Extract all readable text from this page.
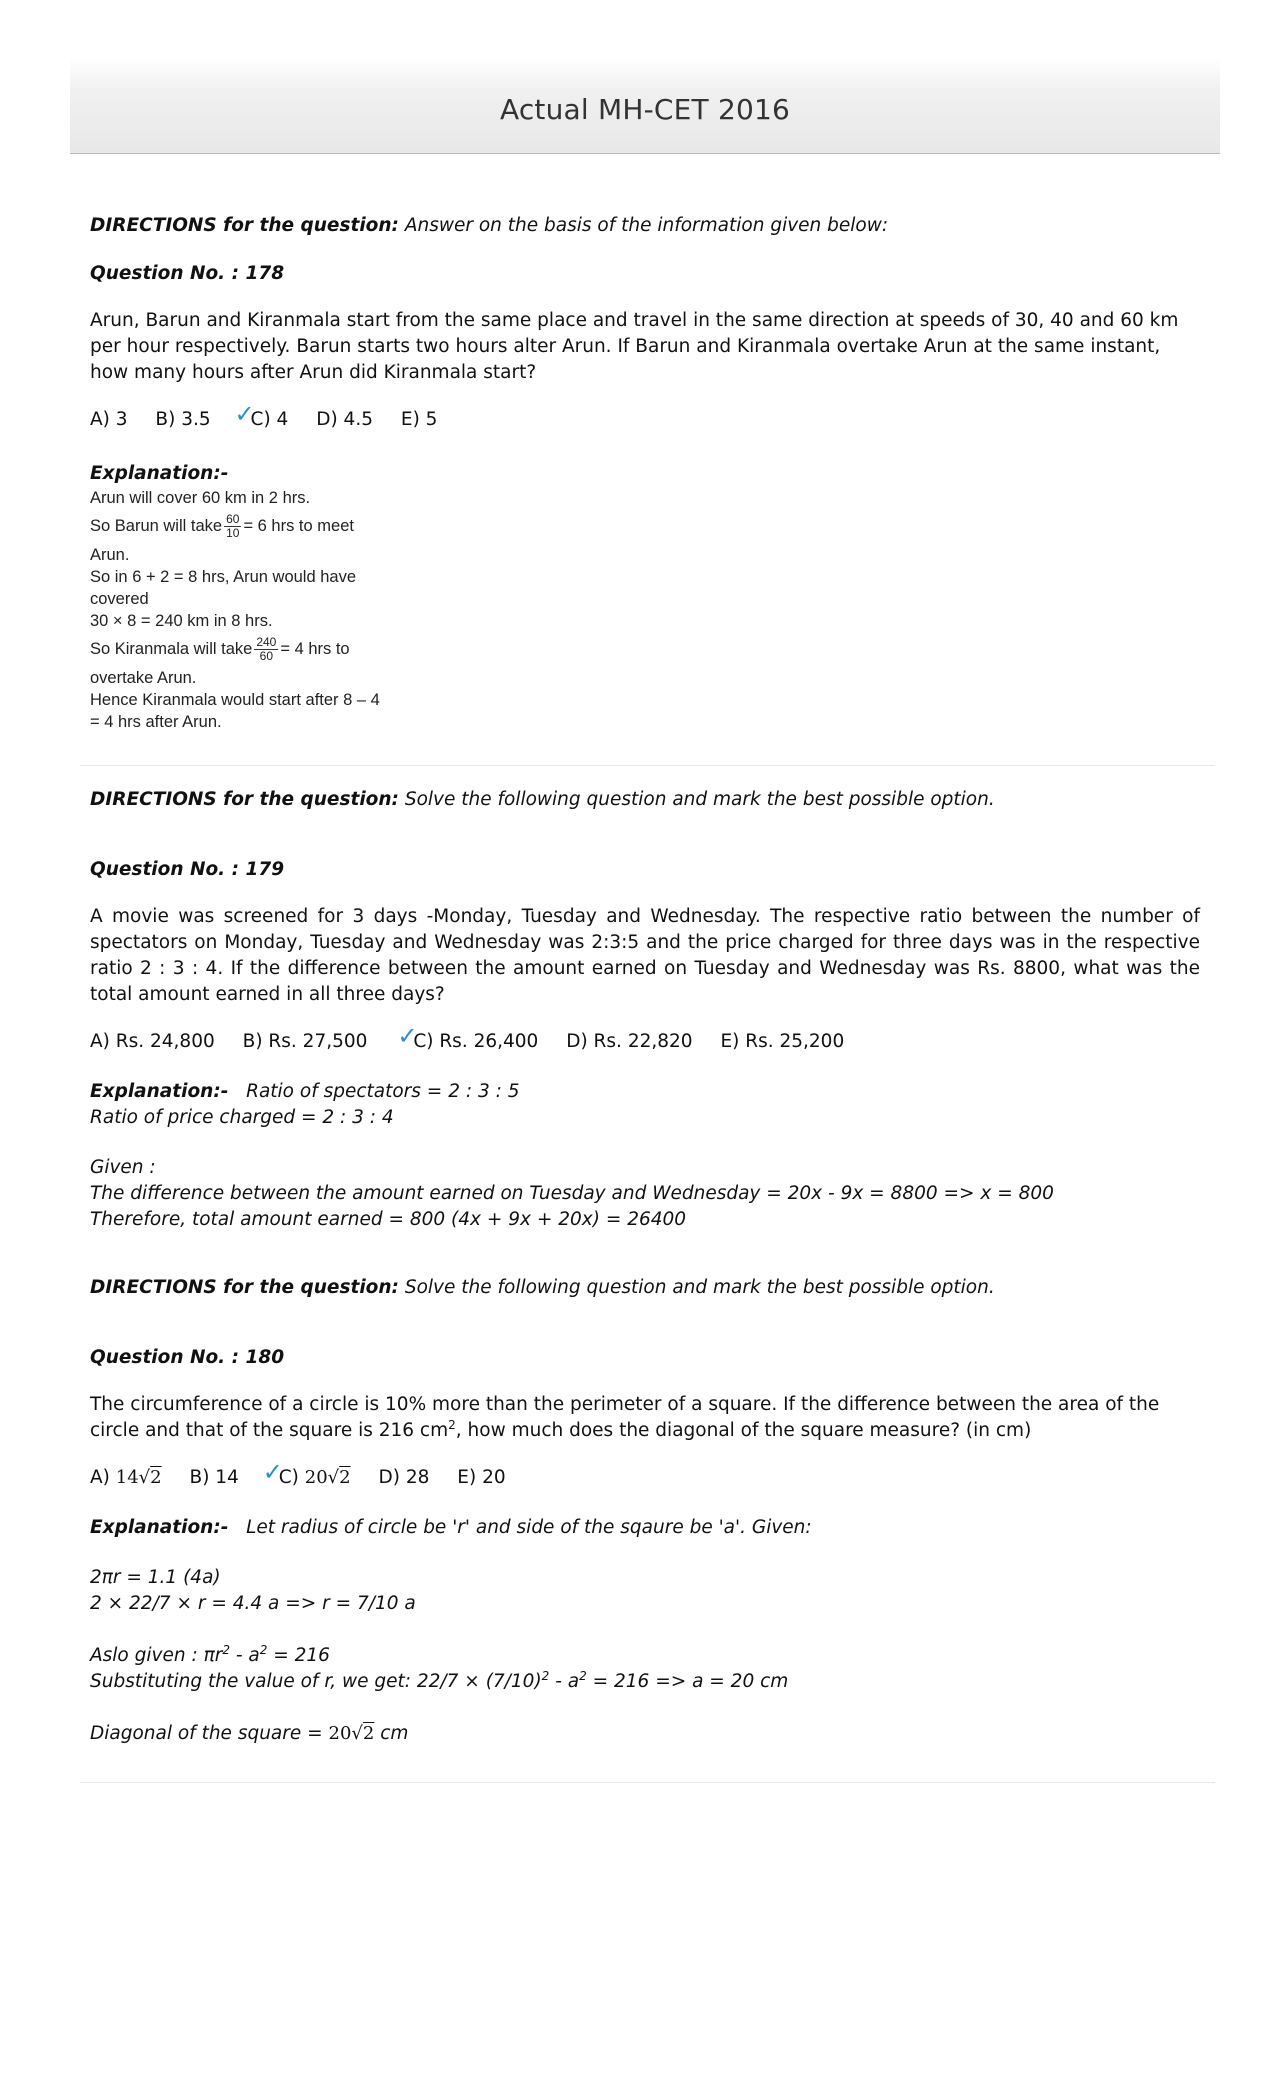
Actual MH-CET 2016

DIRECTIONS for the question: Answer on the basis of the information given below:

Question No. : 178

Arun, Barun and Kiranmala start from the same place and travel in the same direction at speeds of 30, 40 and 60 km per hour respectively. Barun starts two hours alter Arun. If Barun and Kiranmala overtake Arun at the same instant, how many hours after Arun did Kiranmala start?

A) 3 B) 3.5 ✓
C) 4 D) 4.5 E) 5

Explanation:-

Arun will cover 60 km in 2 hrs.

So Barun will take $\frac{60}{10} = 6$ hrs to meet

Arun.

So in 6 + 2 = 8 hrs, Arun would have covered

30 × 8 = 240 km in 8 hrs.

So Kiranmala will take $\frac{240}{60} = 4$ hrs to

overtake Arun.

Hence Kiranmala would start after 8 – 4 = 4 hrs after Arun.

DIRECTIONS for the question: Solve the following question and mark the best possible option.

Question No. : 179

A movie was screened for 3 days -Monday, Tuesday and Wednesday. The respective ratio between the number of spectators on Monday, Tuesday and Wednesday was 2:3:5 and the price charged for three days was in the respective ratio 2 : 3 : 4. If the difference between the amount earned on Tuesday and Wednesday was Rs. 8800, what was the total amount earned in all three days?

A) Rs. 24,800 B) Rs. 27,500 ✓
C) Rs. 26,400 D) Rs. 22,820 E) Rs. 25,200

Explanation:- Ratio of spectators = 2 : 3 : 5

Ratio of price charged = 2 : 3 : 4

Given :

The difference between the amount earned on Tuesday and Wednesday = 20x - 9x = 8800 => x = 800

Therefore, total amount earned = 800 (4x + 9x + 20x) = 26400

DIRECTIONS for the question: Solve the following question and mark the best possible option.

Question No. : 180

The circumference of a circle is 10% more than the perimeter of a square. If the difference between the area of the circle and that of the square is 216 $cm^2$, how much does the diagonal of the square measure? (in cm)

A) 14√2 B) 14 ✓
C) 20√2 D) 28 E) 20

Explanation:- Let radius of circle be 'r' and side of the sqaure be 'a'. Given:

2πr = 1.1 (4a)

2 × 22/7 × r = 4.4 a => r = 7/10 a

Aslo given : $\pi r^2 - a^2 = 216$

Substituting the value of r, we get: $22/7 \times (7/10)^2 - a^2 = 216 => a = 20$ cm

Diagonal of the square = 20√2 cm
